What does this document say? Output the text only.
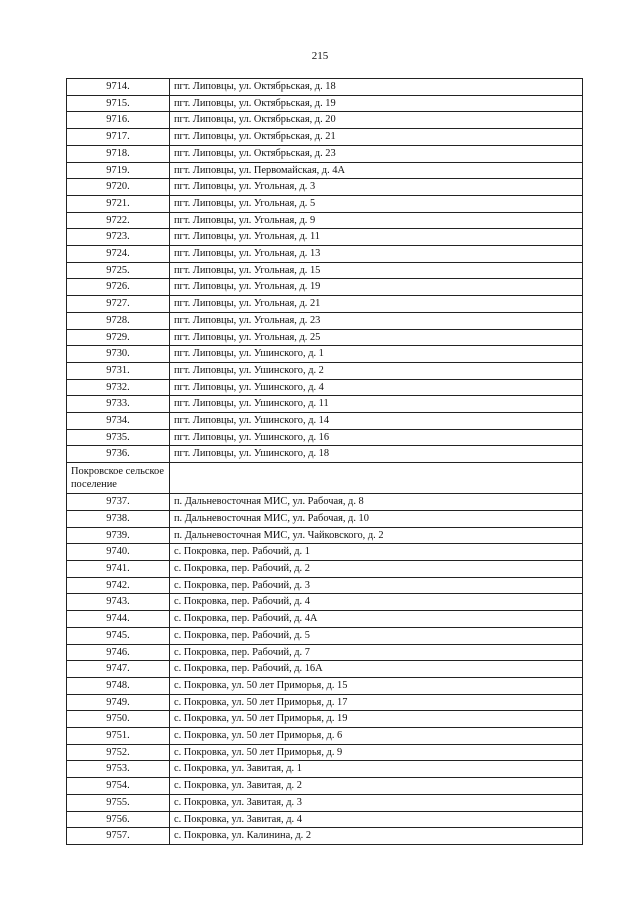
215
9714.	пгт. Липовцы, ул. Октябрьская, д. 18
9715.	пгт. Липовцы, ул. Октябрьская, д. 19
9716.	пгт. Липовцы, ул. Октябрьская, д. 20
9717.	пгт. Липовцы, ул. Октябрьская, д. 21
9718.	пгт. Липовцы, ул. Октябрьская, д. 23
9719.	пгт. Липовцы, ул. Первомайская, д. 4А
9720.	пгт. Липовцы, ул. Угольная, д. 3
9721.	пгт. Липовцы, ул. Угольная, д. 5
9722.	пгт. Липовцы, ул. Угольная, д. 9
9723.	пгт. Липовцы, ул. Угольная, д. 11
9724.	пгт. Липовцы, ул. Угольная, д. 13
9725.	пгт. Липовцы, ул. Угольная, д. 15
9726.	пгт. Липовцы, ул. Угольная, д. 19
9727.	пгт. Липовцы, ул. Угольная, д. 21
9728.	пгт. Липовцы, ул. Угольная, д. 23
9729.	пгт. Липовцы, ул. Угольная, д. 25
9730.	пгт. Липовцы, ул. Ушинского, д. 1
9731.	пгт. Липовцы, ул. Ушинского, д. 2
9732.	пгт. Липовцы, ул. Ушинского, д. 4
9733.	пгт. Липовцы, ул. Ушинского, д. 11
9734.	пгт. Липовцы, ул. Ушинского, д. 14
9735.	пгт. Липовцы, ул. Ушинского, д. 16
9736.	пгт. Липовцы, ул. Ушинского, д. 18
Покровское сельское поселение	
9737.	п. Дальневосточная МИС, ул. Рабочая, д. 8
9738.	п. Дальневосточная МИС, ул. Рабочая, д. 10
9739.	п. Дальневосточная МИС, ул. Чайковского, д. 2
9740.	с. Покровка, пер. Рабочий, д. 1
9741.	с. Покровка, пер. Рабочий, д. 2
9742.	с. Покровка, пер. Рабочий, д. 3
9743.	с. Покровка, пер. Рабочий, д. 4
9744.	с. Покровка, пер. Рабочий, д. 4А
9745.	с. Покровка, пер. Рабочий, д. 5
9746.	с. Покровка, пер. Рабочий, д. 7
9747.	с. Покровка, пер. Рабочий, д. 16А
9748.	с. Покровка, ул. 50 лет Приморья, д. 15
9749.	с. Покровка, ул. 50 лет Приморья, д. 17
9750.	с. Покровка, ул. 50 лет Приморья, д. 19
9751.	с. Покровка, ул. 50 лет Приморья, д. 6
9752.	с. Покровка, ул. 50 лет Приморья, д. 9
9753.	с. Покровка, ул. Завитая, д. 1
9754.	с. Покровка, ул. Завитая, д. 2
9755.	с. Покровка, ул. Завитая, д. 3
9756.	с. Покровка, ул. Завитая, д. 4
9757.	с. Покровка, ул. Калинина, д. 2
